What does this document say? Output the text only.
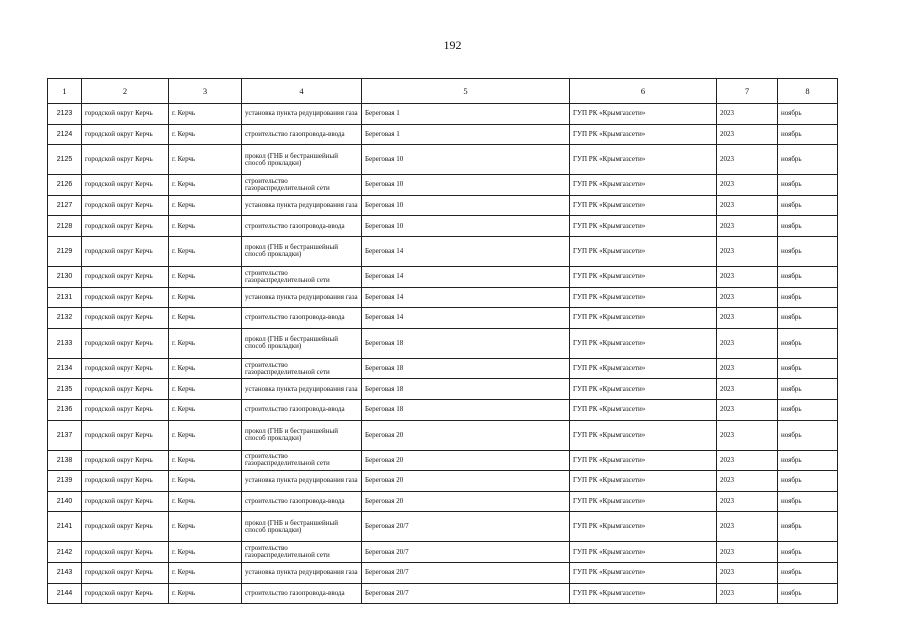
192
1	2	3	4	5	6	7	8
2123	городской округ Керчь	г. Керчь	установка пункта редуцирования газа	Береговая 1	ГУП РК «Крымгазсети»	2023	ноябрь
2124	городской округ Керчь	г. Керчь	строительство газопровода-ввода	Береговая 1	ГУП РК «Крымгазсети»	2023	ноябрь
2125	городской округ Керчь	г. Керчь	прокол (ГНБ и бестраншейный способ прокладки)	Береговая 10	ГУП РК «Крымгазсети»	2023	ноябрь
2126	городской округ Керчь	г. Керчь	строительство газораспределительной сети	Береговая 10	ГУП РК «Крымгазсети»	2023	ноябрь
2127	городской округ Керчь	г. Керчь	установка пункта редуцирования газа	Береговая 10	ГУП РК «Крымгазсети»	2023	ноябрь
2128	городской округ Керчь	г. Керчь	строительство газопровода-ввода	Береговая 10	ГУП РК «Крымгазсети»	2023	ноябрь
2129	городской округ Керчь	г. Керчь	прокол (ГНБ и бестраншейный способ прокладки)	Береговая 14	ГУП РК «Крымгазсети»	2023	ноябрь
2130	городской округ Керчь	г. Керчь	строительство газораспределительной сети	Береговая 14	ГУП РК «Крымгазсети»	2023	ноябрь
2131	городской округ Керчь	г. Керчь	установка пункта редуцирования газа	Береговая 14	ГУП РК «Крымгазсети»	2023	ноябрь
2132	городской округ Керчь	г. Керчь	строительство газопровода-ввода	Береговая 14	ГУП РК «Крымгазсети»	2023	ноябрь
2133	городской округ Керчь	г. Керчь	прокол (ГНБ и бестраншейный способ прокладки)	Береговая 18	ГУП РК «Крымгазсети»	2023	ноябрь
2134	городской округ Керчь	г. Керчь	строительство газораспределительной сети	Береговая 18	ГУП РК «Крымгазсети»	2023	ноябрь
2135	городской округ Керчь	г. Керчь	установка пункта редуцирования газа	Береговая 18	ГУП РК «Крымгазсети»	2023	ноябрь
2136	городской округ Керчь	г. Керчь	строительство газопровода-ввода	Береговая 18	ГУП РК «Крымгазсети»	2023	ноябрь
2137	городской округ Керчь	г. Керчь	прокол (ГНБ и бестраншейный способ прокладки)	Береговая 20	ГУП РК «Крымгазсети»	2023	ноябрь
2138	городской округ Керчь	г. Керчь	строительство газораспределительной сети	Береговая 20	ГУП РК «Крымгазсети»	2023	ноябрь
2139	городской округ Керчь	г. Керчь	установка пункта редуцирования газа	Береговая 20	ГУП РК «Крымгазсети»	2023	ноябрь
2140	городской округ Керчь	г. Керчь	строительство газопровода-ввода	Береговая 20	ГУП РК «Крымгазсети»	2023	ноябрь
2141	городской округ Керчь	г. Керчь	прокол (ГНБ и бестраншейный способ прокладки)	Береговая 20/7	ГУП РК «Крымгазсети»	2023	ноябрь
2142	городской округ Керчь	г. Керчь	строительство газораспределительной сети	Береговая 20/7	ГУП РК «Крымгазсети»	2023	ноябрь
2143	городской округ Керчь	г. Керчь	установка пункта редуцирования газа	Береговая 20/7	ГУП РК «Крымгазсети»	2023	ноябрь
2144	городской округ Керчь	г. Керчь	строительство газопровода-ввода	Береговая 20/7	ГУП РК «Крымгазсети»	2023	ноябрь
